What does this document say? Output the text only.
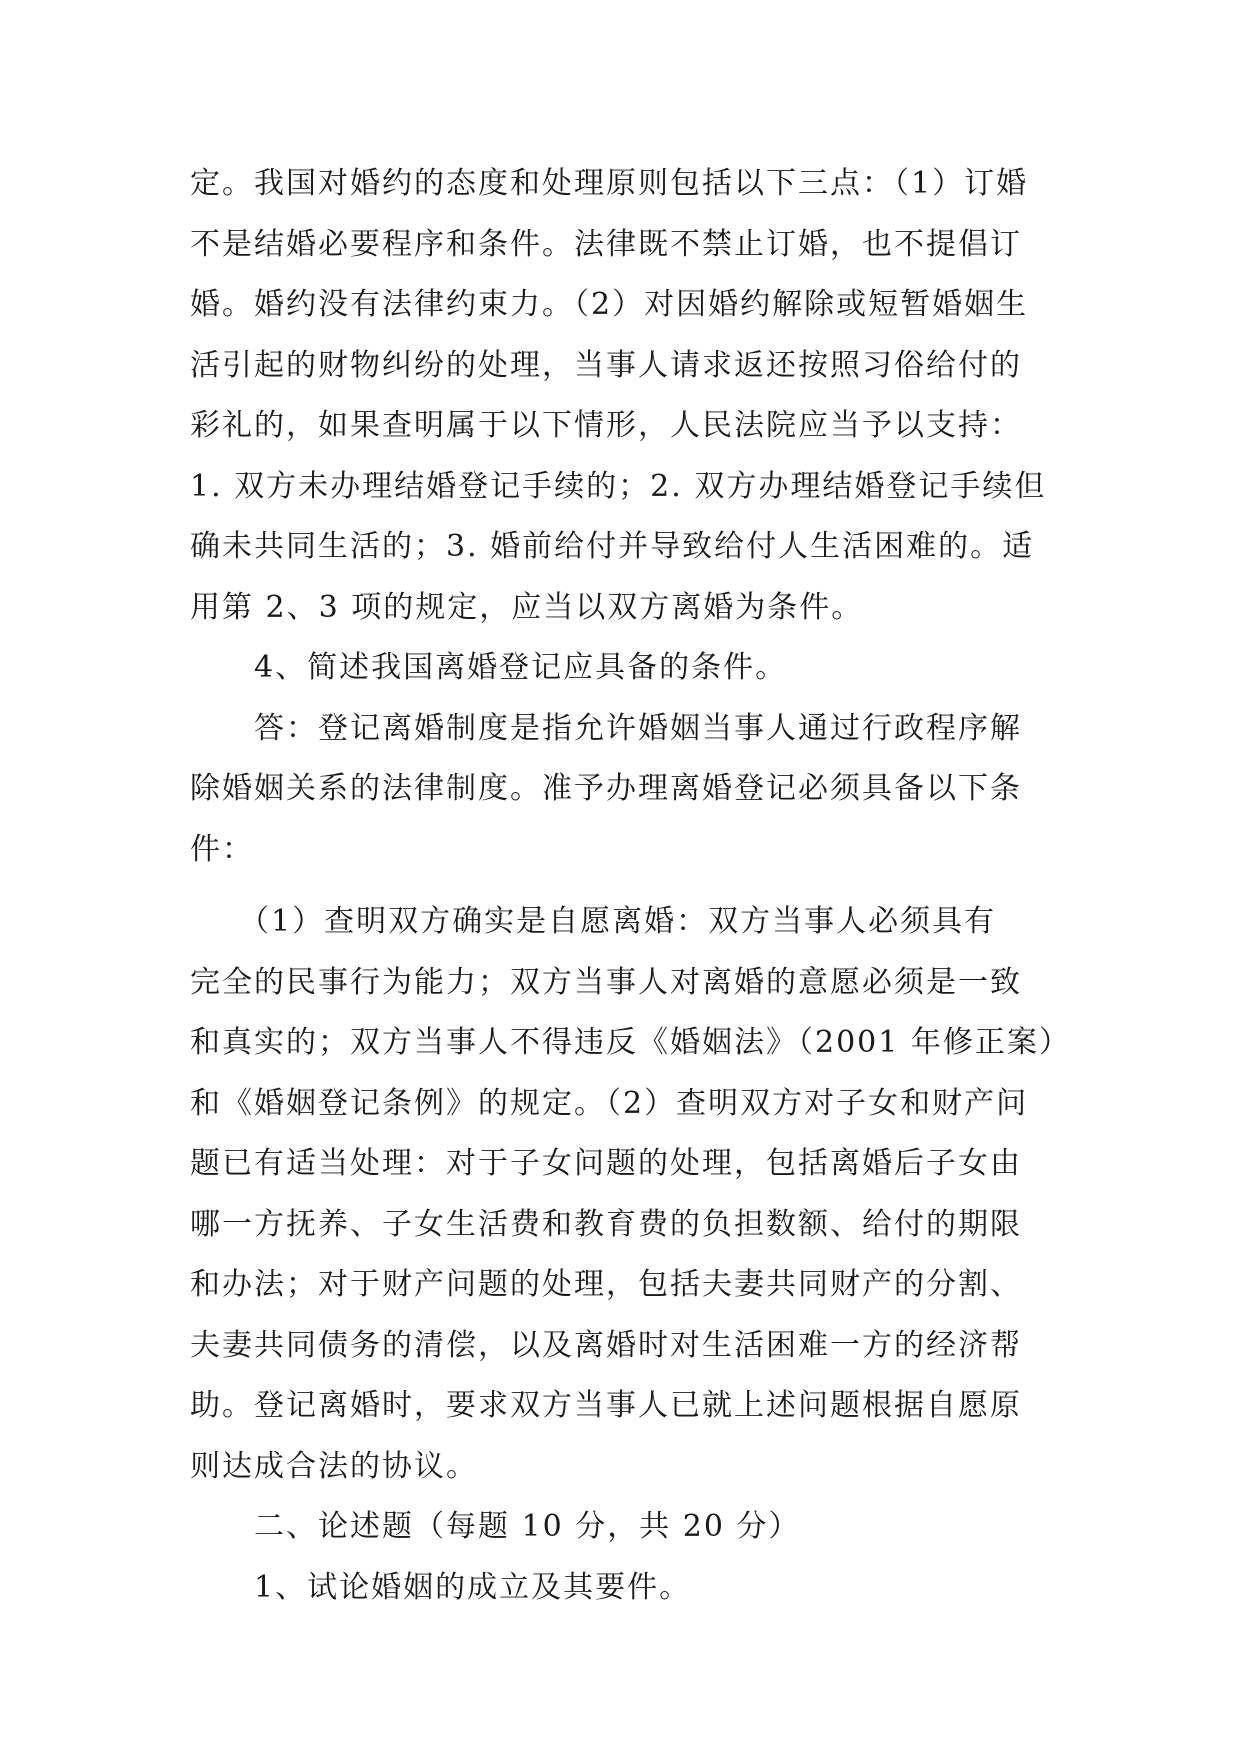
定。我国对婚约的态度和处理原则包括以下三点：（1）订婚
不是结婚必要程序和条件。法律既不禁止订婚，也不提倡订
婚。婚约没有法律约束力。（2）对因婚约解除或短暂婚姻生
活引起的财物纠纷的处理，当事人请求返还按照习俗给付的
彩礼的，如果查明属于以下情形，人民法院应当予以支持：
1. 双方未办理结婚登记手续的；2. 双方办理结婚登记手续但
确未共同生活的；3. 婚前给付并导致给付人生活困难的。适
用第 2、3 项的规定，应当以双方离婚为条件。
　　4、简述我国离婚登记应具备的条件。
　　答：登记离婚制度是指允许婚姻当事人通过行政程序解
除婚姻关系的法律制度。准予办理离婚登记必须具备以下条
件：
　　（1）查明双方确实是自愿离婚：双方当事人必须具有
完全的民事行为能力；双方当事人对离婚的意愿必须是一致
和真实的；双方当事人不得违反《婚姻法》（2001 年修正案）
和《婚姻登记条例》的规定。（2）查明双方对子女和财产问
题已有适当处理：对于子女问题的处理，包括离婚后子女由
哪一方抚养、子女生活费和教育费的负担数额、给付的期限
和办法；对于财产问题的处理，包括夫妻共同财产的分割、
夫妻共同债务的清偿，以及离婚时对生活困难一方的经济帮
助。登记离婚时，要求双方当事人已就上述问题根据自愿原
则达成合法的协议。
　　二、论述题（每题 10 分，共 20 分）
　　1、试论婚姻的成立及其要件。
